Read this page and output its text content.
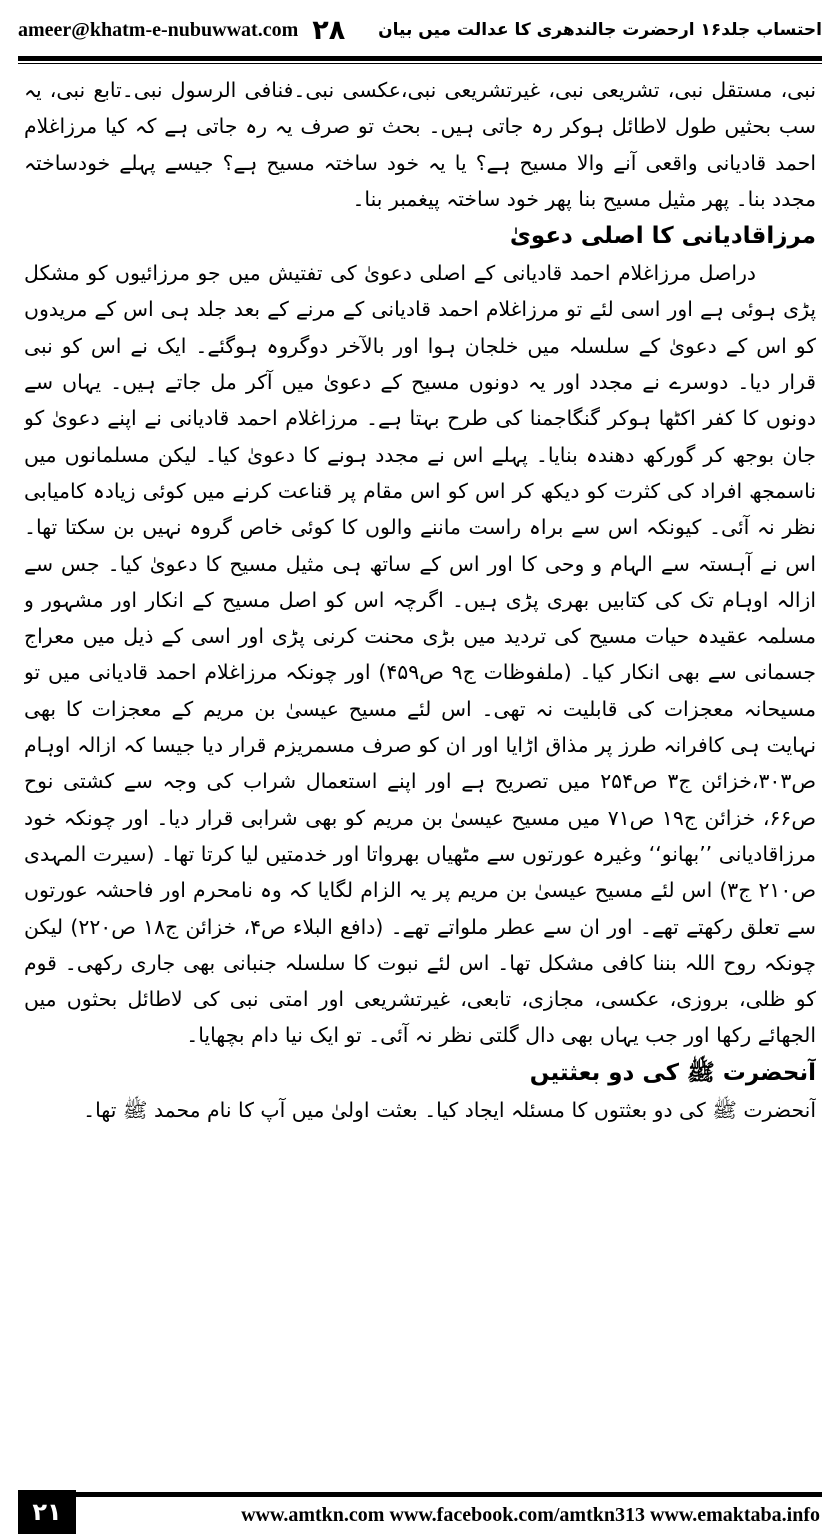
ameer@khatm-e-nubuwwat.com ۲۸	احتساب جلد۱۶ ارحضرت جالندھری کا عدالت میں بیان

نبی، مستقل نبی، تشریعی نبی، غیرتشریعی نبی،عکسی نبی۔فنافی الرسول نبی۔تابع نبی، یہ سب بحثیں طول لاطائل ہوکر رہ جاتی ہیں۔ بحث تو صرف یہ رہ جاتی ہے کہ کیا مرزاغلام احمد قادیانی واقعی آنے والا مسیح ہے؟ یا یہ خود ساختہ مسیح ہے؟ جیسے پہلے خودساختہ مجدد بنا۔ پھر مثیل مسیح بنا پھر خود ساختہ پیغمبر بنا۔

مرزاقادیانی کا اصلی دعویٰ

دراصل مرزاغلام احمد قادیانی کے اصلی دعویٰ کی تفتیش میں جو مرزائیوں کو مشکل پڑی ہوئی ہے اور اسی لئے تو مرزاغلام احمد قادیانی کے مرنے کے بعد جلد ہی اس کے مریدوں کو اس کے دعویٰ کے سلسلہ میں خلجان ہوا اور بالآخر دوگروہ ہوگئے۔ ایک نے اس کو نبی قرار دیا۔ دوسرے نے مجدد اور یہ دونوں مسیح کے دعویٰ میں آکر مل جاتے ہیں۔ یہاں سے دونوں کا کفر اکٹھا ہوکر گنگاجمنا کی طرح بہتا ہے۔ مرزاغلام احمد قادیانی نے اپنے دعویٰ کو جان بوجھ کر گورکھ دھندہ بنایا۔ پہلے اس نے مجدد ہونے کا دعویٰ کیا۔ لیکن مسلمانوں میں ناسمجھ افراد کی کثرت کو دیکھ کر اس کو اس مقام پر قناعت کرنے میں کوئی زیادہ کامیابی نظر نہ آئی۔ کیونکہ اس سے براہ راست ماننے والوں کا کوئی خاص گروہ نہیں بن سکتا تھا۔ اس نے آہستہ سے الہام و وحی کا اور اس کے ساتھ ہی مثیل مسیح کا دعویٰ کیا۔ جس سے ازالہ اوہام تک کی کتابیں بھری پڑی ہیں۔ اگرچہ اس کو اصل مسیح کے انکار اور مشہور و مسلمہ عقیدہ حیات مسیح کی تردید میں بڑی محنت کرنی پڑی اور اسی کے ذیل میں معراج جسمانی سے بھی انکار کیا۔ (ملفوظات ج۹ ص۴۵۹) اور چونکہ مرزاغلام احمد قادیانی میں تو مسیحانہ معجزات کی قابلیت نہ تھی۔ اس لئے مسیح عیسیٰ بن مریم کے معجزات کا بھی نہایت ہی کافرانہ طرز پر مذاق اڑایا اور ان کو صرف مسمریزم قرار دیا جیسا کہ ازالہ اوہام ص۳۰۳،خزائن ج۳ ص۲۵۴ میں تصریح ہے اور اپنے استعمال شراب کی وجہ سے کشتی نوح ص۶۶، خزائن ج۱۹ ص۷۱ میں مسیح عیسیٰ بن مریم کو بھی شرابی قرار دیا۔ اور چونکہ خود مرزاقادیانی ’’بھانو‘‘ وغیرہ عورتوں سے مٹھیاں بھرواتا اور خدمتیں لیا کرتا تھا۔ (سیرت المہدی ص۲۱۰ ج۳) اس لئے مسیح عیسیٰ بن مریم پر یہ الزام لگایا کہ وہ نامحرم اور فاحشہ عورتوں سے تعلق رکھتے تھے۔ اور ان سے عطر ملواتے تھے۔ (دافع البلاء ص۴، خزائن ج۱۸ ص۲۲۰) لیکن چونکہ روح اللہ بننا کافی مشکل تھا۔ اس لئے نبوت کا سلسلہ جنبانی بھی جاری رکھی۔ قوم کو ظلی، بروزی، عکسی، مجازی، تابعی، غیرتشریعی اور امتی نبی کی لاطائل بحثوں میں الجھائے رکھا اور جب یہاں بھی دال گلتی نظر نہ آئی۔ تو ایک نیا دام بچھایا۔

آنحضرت ﷺ کی دو بعثتیں

آنحضرت ﷺ کی دو بعثتوں کا مسئلہ ایجاد کیا۔ بعثت اولیٰ میں آپ کا نام محمد ﷺ تھا۔

۲۱	www.amtkn.com www.facebook.com/amtkn313 www.emaktaba.info
